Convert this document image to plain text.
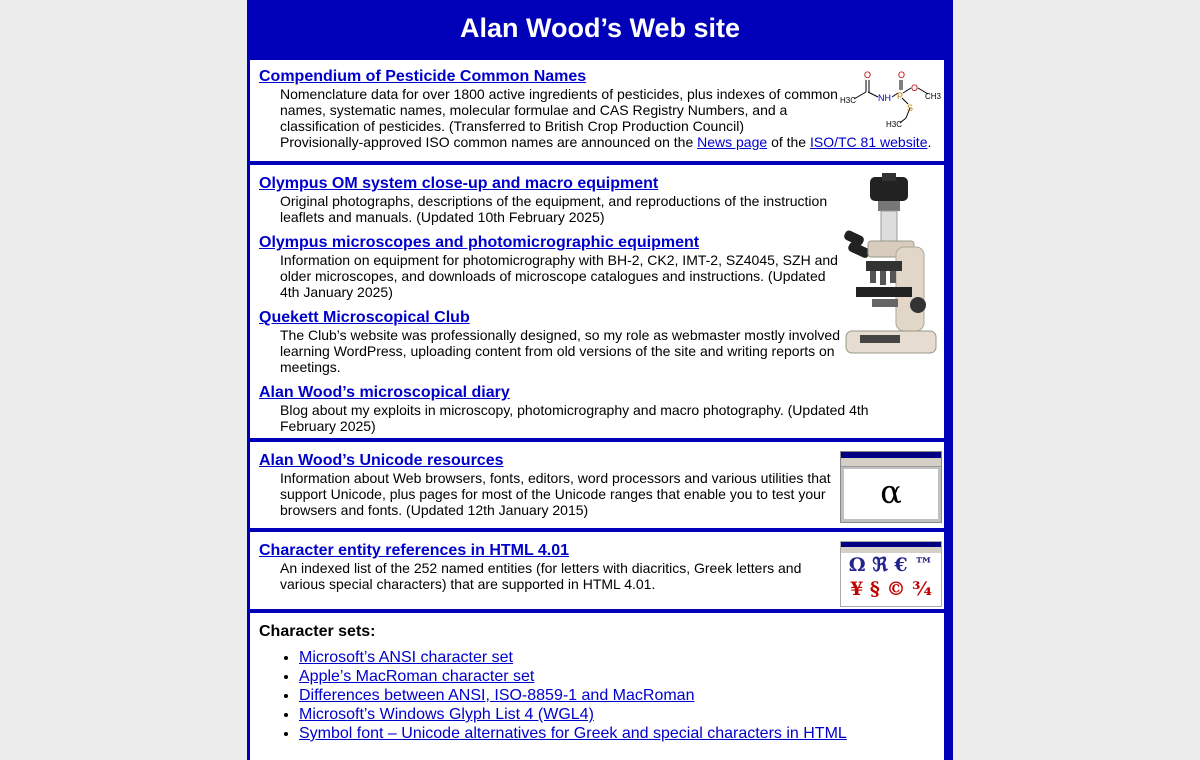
Alan Wood’s Web site
Compendium of Pesticide Common Names

Nomenclature data for over 1800 active ingredients of pesticides, plus indexes of common names, systematic names, molecular formulae and CAS Registry Numbers, and a classification of pesticides. (Transferred to British Crop Production Council)

Provisionally-approved ISO common names are announced on the News page of the ISO/TC 81 website.

O	O
O
P
S
NH
H3C	CH3
H3C
Olympus OM system close-up and macro equipment

Original photographs, descriptions of the equipment, and reproductions of the instruction leaflets and manuals. (Updated 10th February 2025)

Olympus microscopes and photomicrographic equipment

Information on equipment for photomicrography with BH-2, CK2, IMT-2, SZ4045, SZH and older microscopes, and downloads of microscope catalogues and instructions. (Updated 4th January 2025)

Quekett Microscopical Club

The Club’s website was professionally designed, so my role as webmaster mostly involved learning WordPress, uploading content from old versions of the site and writing reports on meetings.

Alan Wood’s microscopical diary

Blog about my exploits in microscopy, photomicrography and macro photography. (Updated 4th February 2025)

Alan Wood’s Unicode resources

Information about Web browsers, fonts, editors, word processors and various utilities that support Unicode, plus pages for most of the Unicode ranges that enable you to test your browsers and fonts. (Updated 12th January 2015)	α
Character entity references in HTML 4.01

An indexed list of the 252 named entities (for letters with diacritics, Greek letters and various special characters) that are supported in HTML 4.01.

Ω ℜ € ™
¥ § © ¾

Character sets:

• Microsoft’s ANSI character set
• Apple’s MacRoman character set
• Differences between ANSI, ISO-8859-1 and MacRoman
• Microsoft’s Windows Glyph List 4 (WGL4)
• Symbol font – Unicode alternatives for Greek and special characters in HTML
